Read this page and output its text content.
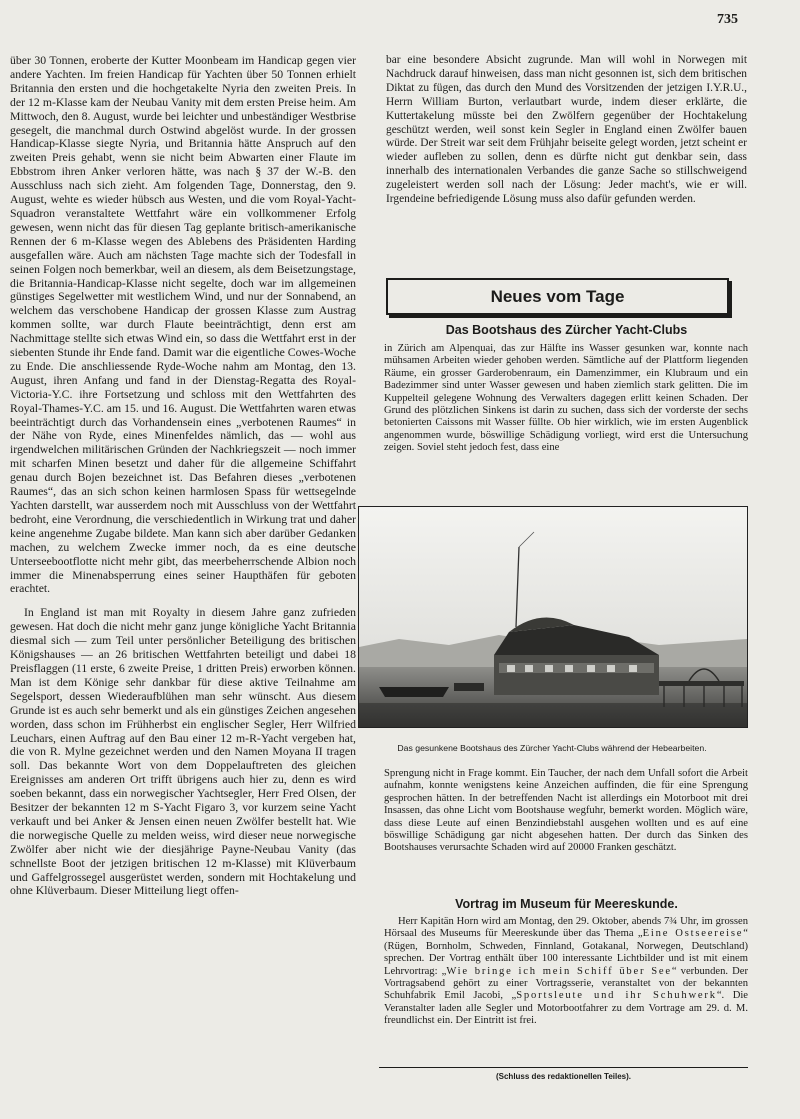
735

über 30 Tonnen, eroberte der Kutter Moonbeam im Handicap gegen vier andere Yachten. Im freien Handicap für Yachten über 50 Tonnen erhielt Britannia den ersten und die hochgetakelte Nyria den zweiten Preis. In der 12 m-Klasse kam der Neubau Vanity mit dem ersten Preise heim. Am Mittwoch, den 8. August, wurde bei leichter und unbeständiger Westbrise gesegelt, die manchmal durch Ostwind abgelöst wurde. In der grossen Handicap-Klasse siegte Nyria, und Britannia hätte Anspruch auf den zweiten Preis gehabt, wenn sie nicht beim Abwarten einer Flaute im Ebbstrom ihren Anker verloren hätte, was nach § 37 der W.-B. den Ausschluss nach sich zieht. Am folgenden Tage, Donnerstag, den 9. August, wehte es wieder hübsch aus Westen, und die vom Royal-Yacht-Squadron veranstaltete Wettfahrt wäre ein vollkommener Erfolg gewesen, wenn nicht das für diesen Tag geplante britisch-amerikanische Rennen der 6 m-Klasse wegen des Ablebens des Präsidenten Harding ausgefallen wäre. Auch am nächsten Tage machte sich der Todesfall in seinen Folgen noch bemerkbar, weil an diesem, als dem Beisetzungstage, die Britannia-Handicap-Klasse nicht segelte, doch war im allgemeinen günstiges Segelwetter mit westlichem Wind, und nur der Sonnabend, an welchem das verschobene Handicap der grossen Klasse zum Austrag kommen sollte, war durch Flaute beeinträchtigt, denn erst am Nachmittage stellte sich etwas Wind ein, so dass die Wettfahrt erst in der siebenten Stunde ihr Ende fand. Damit war die eigentliche Cowes-Woche zu Ende. Die anschliessende Ryde-Woche nahm am Montag, den 13. August, ihren Anfang und fand in der Dienstag-Regatta des Royal-Victoria-Y.C. ihre Fortsetzung und schloss mit den Wettfahrten des Royal-Thames-Y.C. am 15. und 16. August. Die Wettfahrten waren etwas beeinträchtigt durch das Vorhandensein eines „verbotenen Raumes“ in der Nähe von Ryde, eines Minenfeldes nämlich, das — wohl aus irgendwelchen militärischen Gründen der Nachkriegszeit — noch immer mit scharfen Minen besetzt und daher für die allgemeine Schiffahrt genau durch Bojen bezeichnet ist. Das Befahren dieses „verbotenen Raumes“, das an sich schon keinen harmlosen Spass für wettsegelnde Yachten darstellt, war ausserdem noch mit Ausschluss von der Wettfahrt bedroht, eine Verordnung, die verschiedentlich in Wirkung trat und daher keine angenehme Zugabe bildete. Man kann sich aber darüber Gedanken machen, zu welchem Zwecke immer noch, da es eine deutsche Unterseebootflotte nicht mehr gibt, das meerbeherrschende Albion noch immer die Minenabsperrung eines seiner Haupthäfen für geboten erachtet.

In England ist man mit Royalty in diesem Jahre ganz zufrieden gewesen. Hat doch die nicht mehr ganz junge königliche Yacht Britannia diesmal sich — zum Teil unter persönlicher Beteiligung des britischen Königshauses — an 26 britischen Wettfahrten beteiligt und dabei 18 Preisflaggen (11 erste, 6 zweite Preise, 1 dritten Preis) erworben können. Man ist dem Könige sehr dankbar für diese aktive Teilnahme am Segelsport, dessen Wiederaufblühen man sehr wünscht. Aus diesem Grunde ist es auch sehr bemerkt und als ein günstiges Zeichen angesehen worden, dass schon im Frühherbst ein englischer Segler, Herr Wilfried Leuchars, einen Auftrag auf den Bau einer 12 m-R-Yacht vergeben hat, die von R. Mylne gezeichnet werden und den Namen Moyana II tragen soll. Das bekannte Wort von dem Doppelauftreten des gleichen Ereignisses am anderen Ort trifft übrigens auch hier zu, denn es wird soeben bekannt, dass ein norwegischer Yachtsegler, Herr Fred Olsen, der Besitzer der bekannten 12 m S-Yacht Figaro 3, vor kurzem seine Yacht verkauft und bei Anker & Jensen einen neuen Zwölfer bestellt hat. Wie die norwegische Quelle zu melden weiss, wird dieser neue norwegische Zwölfer aber nicht wie der diesjährige Payne-Neubau Vanity (das schnellste Boot der jetzigen britischen 12 m-Klasse) mit Klüverbaum und Gaffelgrossegel ausgerüstet werden, sondern mit Hochtakelung und ohne Klüverbaum. Dieser Mitteilung liegt offen-

bar eine besondere Absicht zugrunde. Man will wohl in Norwegen mit Nachdruck darauf hinweisen, dass man nicht gesonnen ist, sich dem britischen Diktat zu fügen, das durch den Mund des Vorsitzenden der jetzigen I.Y.R.U., Herrn William Burton, verlautbart wurde, indem dieser erklärte, die Kuttertakelung müsste bei den Zwölfern gegenüber der Hochtakelung geschützt werden, weil sonst kein Segler in England einen Zwölfer bauen würde. Der Streit war seit dem Frühjahr beiseite gelegt worden, jetzt scheint er wieder aufleben zu sollen, denn es dürfte nicht gut denkbar sein, dass innerhalb des internationalen Verbandes die ganze Sache so stillschweigend zugeleistert werden soll nach der Lösung: Jeder macht's, wie er will. Irgendeine befriedigende Lösung muss also dafür gefunden werden.

Neues vom Tage
Das Bootshaus des Zürcher Yacht-Clubs

in Zürich am Alpenquai, das zur Hälfte ins Wasser gesunken war, konnte nach mühsamen Arbeiten wieder gehoben werden. Sämtliche auf der Plattform liegenden Räume, ein grosser Garderobenraum, ein Damenzimmer, ein Klubraum und ein Badezimmer sind unter Wasser gewesen und haben ziemlich stark gelitten. Die im Kuppelteil gelegene Wohnung des Verwalters dagegen erlitt keinen Schaden. Der Grund des plötzlichen Sinkens ist darin zu suchen, dass sich der vorderste der sechs betonierten Caissons mit Wasser füllte. Ob hier wirklich, wie im ersten Augenblick angenommen wurde, böswillige Schädigung vorliegt, wird erst die Untersuchung zeigen. Soviel steht jedoch fest, dass eine

Das gesunkene Bootshaus des Zürcher Yacht-Clubs während der Hebearbeiten.

Sprengung nicht in Frage kommt. Ein Taucher, der nach dem Unfall sofort die Arbeit aufnahm, konnte wenigstens keine Anzeichen auffinden, die für eine Sprengung gesprochen hätten. In der betreffenden Nacht ist allerdings ein Motorboot mit drei Insassen, das ohne Licht vom Bootshause wegfuhr, bemerkt worden. Möglich wäre, dass diese Leute auf einen Benzindiebstahl ausgehen wollten und es auf eine böswillige Schädigung gar nicht abgesehen hatten. Der durch das Sinken des Bootshauses verursachte Schaden wird auf 20000 Franken geschätzt.

Vortrag im Museum für Meereskunde.

Herr Kapitän Horn wird am Montag, den 29. Oktober, abends 7¾ Uhr, im grossen Hörsaal des Museums für Meereskunde über das Thema „Eine Ostseereise“ (Rügen, Bornholm, Schweden, Finnland, Gotakanal, Norwegen, Deutschland) sprechen. Der Vortrag enthält über 100 interessante Lichtbilder und ist mit einem Lehrvortrag: „Wie bringe ich mein Schiff über See“ verbunden. Der Vortragsabend gehört zu einer Vortragsserie, veranstaltet von der bekannten Schuhfabrik Emil Jacobi, „Sportsleute und ihr Schuhwerk“. Die Veranstalter laden alle Segler und Motorbootfahrer zu dem Vortrage am 29. d. M. freundlichst ein. Der Eintritt ist frei.

(Schluss des redaktionellen Teiles).
